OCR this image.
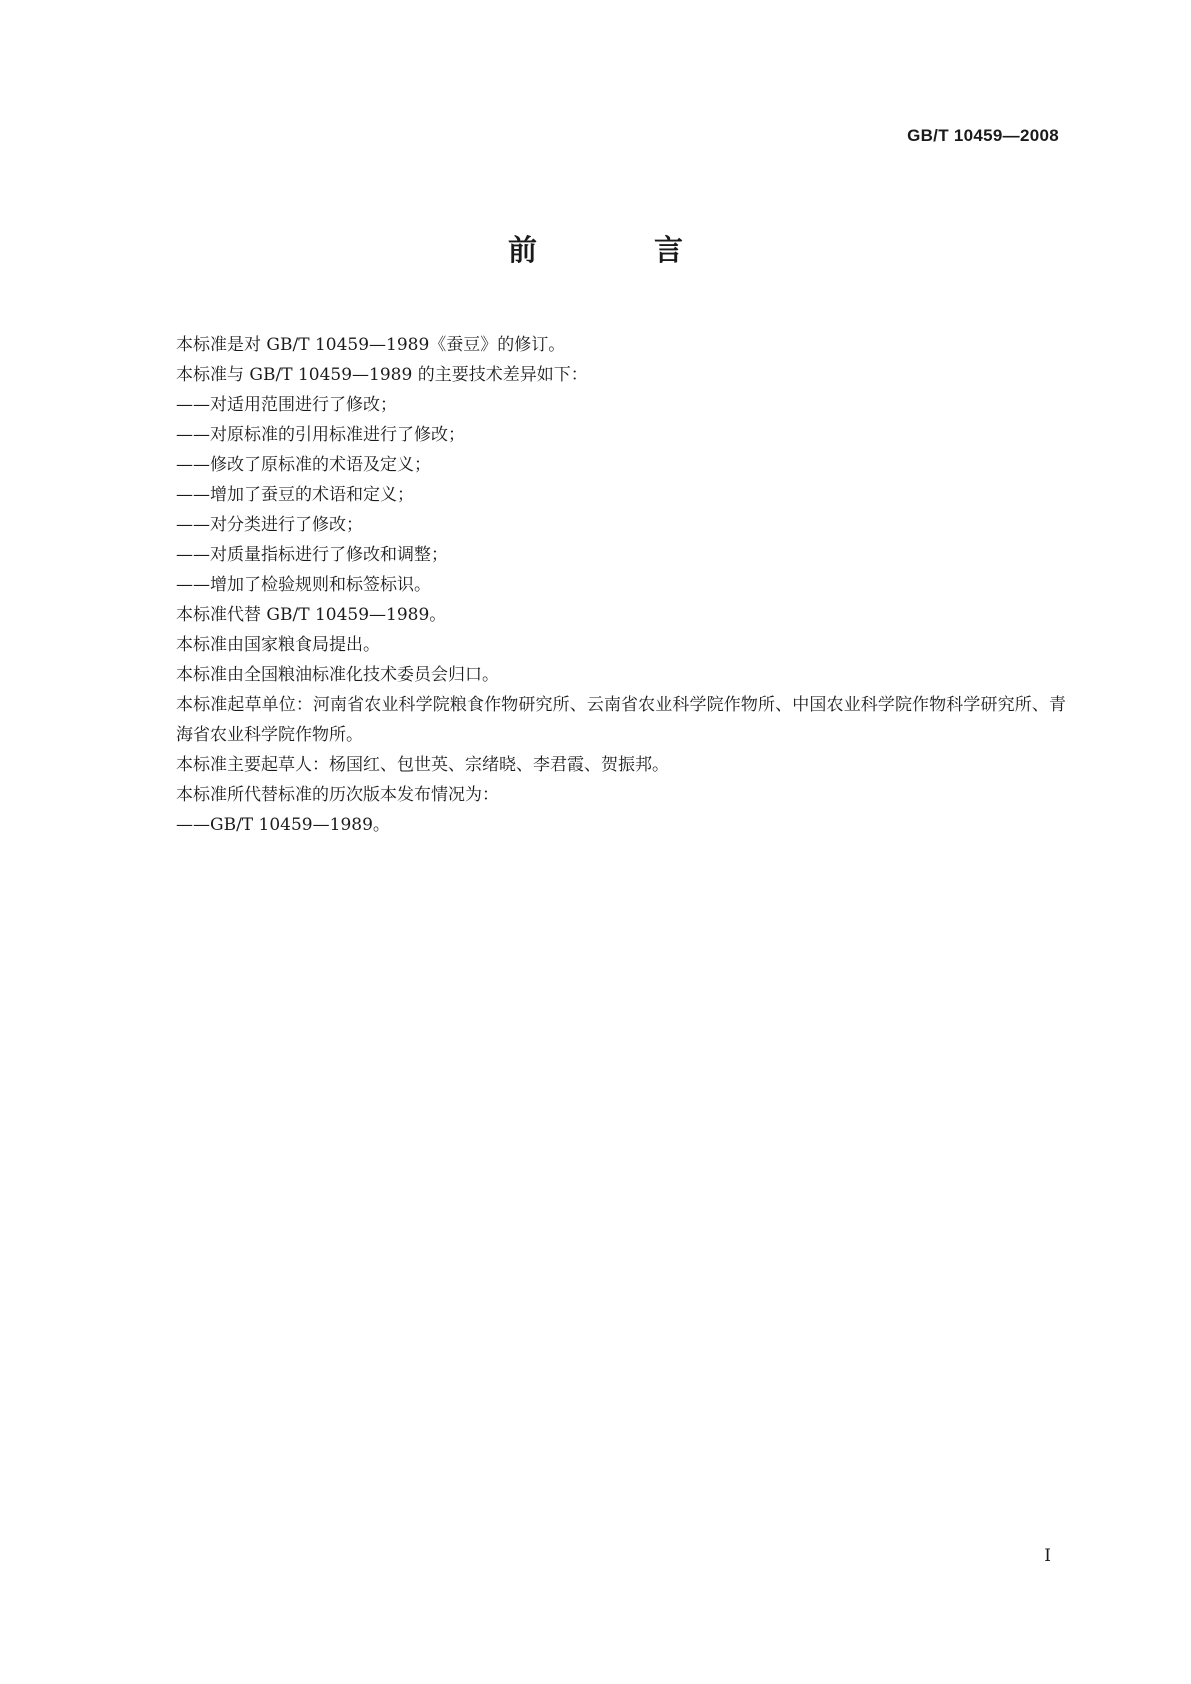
GB/T 10459—2008
前　言

本标准是对 GB/T 10459—1989《蚕豆》的修订。

本标准与 GB/T 10459—1989 的主要技术差异如下：

——对适用范围进行了修改；

——对原标准的引用标准进行了修改；

——修改了原标准的术语及定义；

——增加了蚕豆的术语和定义；

——对分类进行了修改；

——对质量指标进行了修改和调整；

——增加了检验规则和标签标识。

本标准代替 GB/T 10459—1989。

本标准由国家粮食局提出。

本标准由全国粮油标准化技术委员会归口。

本标准起草单位：河南省农业科学院粮食作物研究所、云南省农业科学院作物所、中国农业科学院作物科学研究所、青海省农业科学院作物所。

本标准主要起草人：杨国红、包世英、宗绪晓、李君霞、贺振邦。

本标准所代替标准的历次版本发布情况为：

——GB/T 10459—1989。

I
